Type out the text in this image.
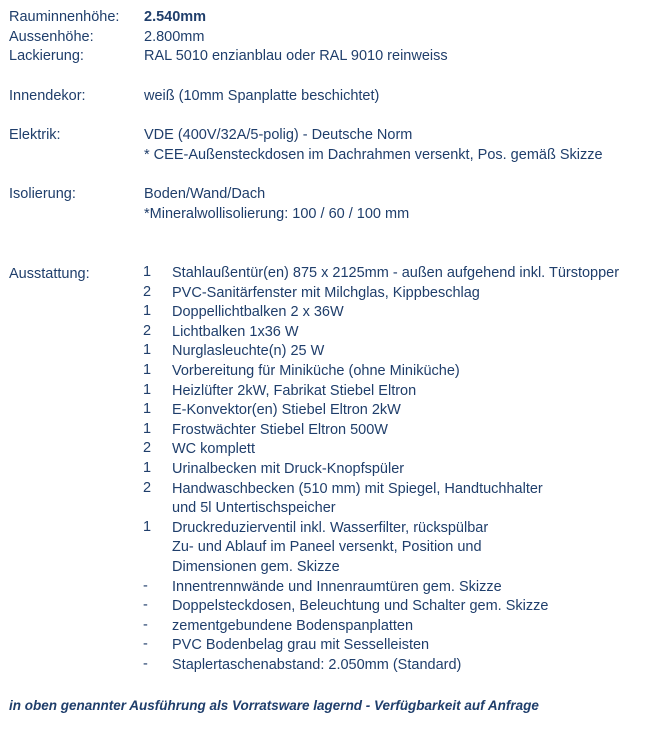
Rauminnenhöhe: 2.540mm
Aussenhöhe:	2.800mm
Lackierung:	RAL 5010 enzianblau oder RAL 9010 reinweiss
Innendekor:	weiß (10mm Spanplatte beschichtet)
Elektrik:	VDE (400V/32A/5-polig) - Deutsche Norm
* CEE-Außensteckdosen im Dachrahmen versenkt, Pos. gemäß Skizze
Isolierung:	Boden/Wand/Dach
*Mineralwollisolierung: 100 / 60 / 100 mm
Ausstattung:	1	Stahlaußentür(en) 875 x 2125mm - außen aufgehend inkl. Türstopper
2	PVC-Sanitärfenster mit Milchglas, Kippbeschlag
1	Doppellichtbalken 2 x 36W
2	Lichtbalken 1x36 W
1	Nurglasleuchte(n) 25 W
1	Vorbereitung für Miniküche (ohne Miniküche)
1	Heizlüfter 2kW, Fabrikat Stiebel Eltron
1	E-Konvektor(en) Stiebel Eltron 2kW
1	Frostwächter Stiebel Eltron 500W
2	WC komplett
1	Urinalbecken mit Druck-Knopfspüler
2	Handwaschbecken (510 mm) mit Spiegel, Handtuchhalter
und 5l Untertischspeicher
1	Druckreduzierventil inkl. Wasserfilter, rückspülbar
Zu- und Ablauf im Paneel versenkt, Position und
Dimensionen gem. Skizze
-	Innentrennwände und Innenraumtüren gem. Skizze
-	Doppelsteckdosen, Beleuchtung und Schalter gem. Skizze
-	zementgebundene Bodenspanplatten
-	PVC Bodenbelag grau mit Sesselleisten
-	Staplertaschenabstand: 2.050mm (Standard)
in oben genannter Ausführung als Vorratsware lagernd - Verfügbarkeit auf Anfrage
